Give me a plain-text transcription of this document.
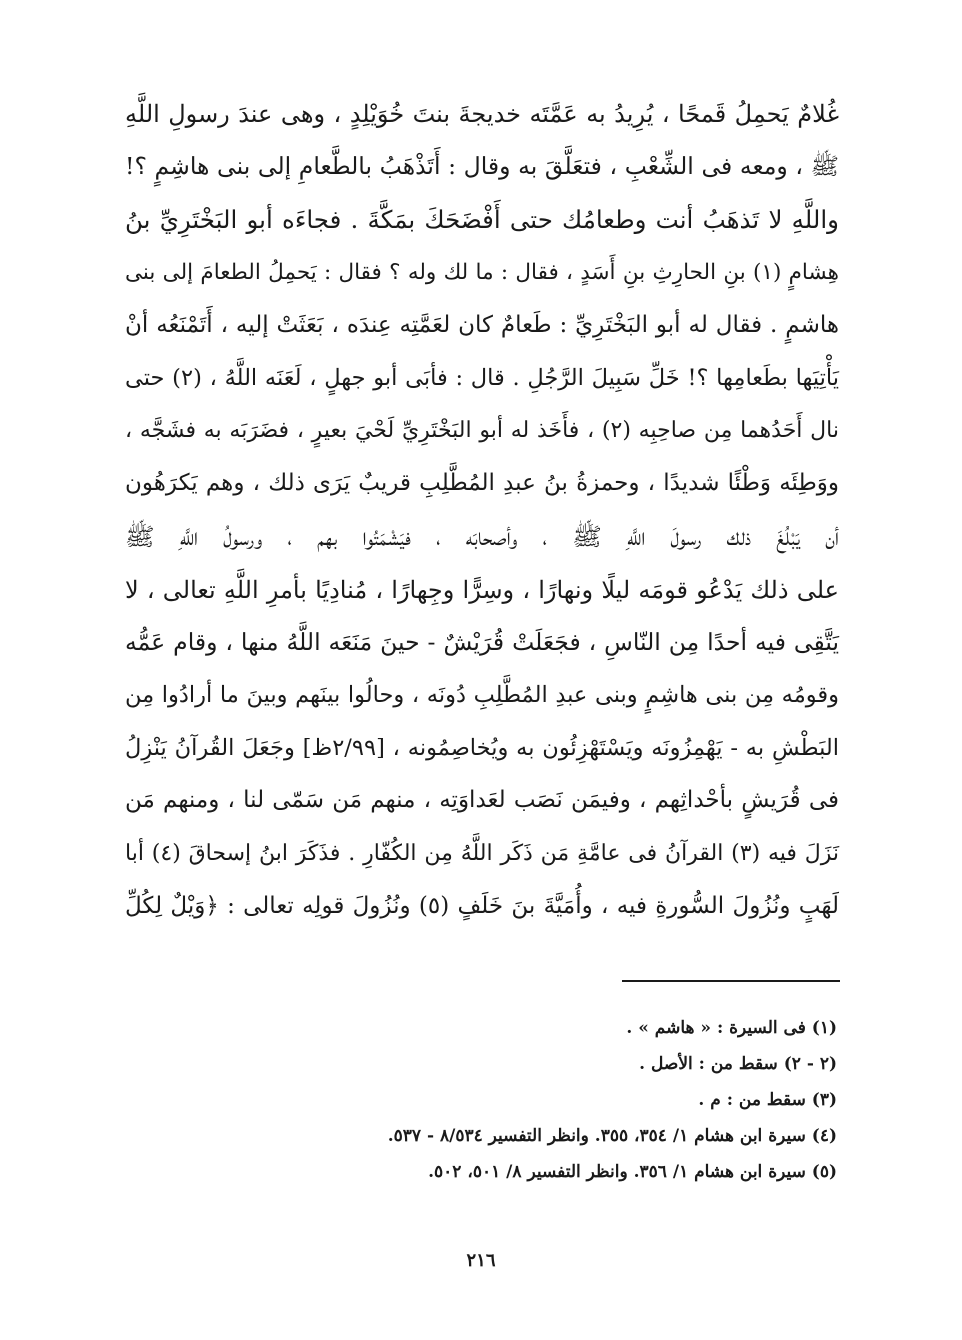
غُلامٌ يَحمِلُ قَمحًا ، يُرِيدُ به عَمَّتَه خديجةَ بنتَ خُوَيْلِدٍ ، وهى عندَ رسولِ اللَّهِ
ﷺ ، ومعه فى الشِّعْبِ ، فتعَلَّقَ به وقال : أَتَذْهَبُ بالطَّعامِ إلى بنى هاشِمٍ ؟!
واللَّهِ لا تَذهَبُ أنت وطعامُك حتى أَفْضَحَكَ بمَكَّةَ . فجاءَه أبو البَخْتَرِيِّ بنُ
هِشامٍ (١) بنِ الحارِثِ بنِ أَسَدٍ ، فقال : ما لك وله ؟ فقال : يَحمِلُ الطعامَ إلى بنى
هاشمٍ . فقال له أبو البَخْتَرِيِّ : طَعامٌ كان لعَمَّتِه عِندَه ، بَعَثَتْ إليه ، أَتَمْنَعُه أنْ
يَأْتِيَها بطَعامِها ؟! خَلِّ سَبِيلَ الرَّجُلِ . قال : فأبَى أبو جهلٍ ، لَعَنَه اللَّهُ ، (٢) حتى
نال أَحَدُهما مِن صاحِبِه (٢) ، فأَخَذ له أبو البَخْتَرِيِّ لَحْيَ بعيرٍ ، فضَرَبَه به فشَجَّه ،
ووَطِئَه وَطْئًا شديدًا ، وحمزةُ بنُ عبدِ المُطَّلِبِ قريبٌ يَرَى ذلك ، وهم يَكرَهُون
أن يَبْلُغَ ذلك رسولَ اللَّهِ ﷺ ، وأصحابَه ، فيَشْمَتُوا بهم ، ورسولُ اللَّهِ ﷺ
على ذلك يَدْعُو قومَه ليلًا ونهارًا ، وسِرًّا وجِهارًا ، مُنادِيًا بأمرِ اللَّهِ تعالى ، لا
يَتَّقِى فيه أحدًا مِن النّاسِ ، فجَعَلَتْ قُرَيْشٌ - حينَ مَنَعَه اللَّهُ منها ، وقام عَمُّه
وقومُه مِن بنى هاشِمٍ وبنى عبدِ المُطَّلِبِ دُونَه ، وحالُوا بينَهم وبينَ ما أرادُوا مِن
البَطْشِ به - يَهْمِزُونَه ويَسْتَهْزِئُون به ويُخاصِمُونه ، [٢/٩٩ظ] وجَعَلَ القُرآنُ يَنْزِلُ
فى قُرَيشٍ بأحْداثِهم ، وفيمَن نَصَب لعَداوَتِه ، منهم مَن سَمّى لنا ، ومنهم مَن
نَزَلَ فيه (٣) القرآنُ فى عامَّةِ مَن ذَكَر اللَّهُ مِن الكُفّارِ . فذَكَرَ ابنُ إسحاقَ (٤) أبا
لَهَبٍ ونُزُولَ السُّورةِ فيه ، وأُمَيَّةَ بنَ خَلَفٍ (٥) ونُزُولَ قولِه تعالى : ﴿وَيْلٌ لِكُلِّ
(١) فى السيرة : « هاشم » .
(٢ - ٢) سقط من : الأصل .
(٣) سقط من : م .
(٤) سيرة ابن هشام ١/ ٣٥٤، ٣٥٥. وانظر التفسير ٨/٥٣٤ - ٥٣٧.
(٥) سيرة ابن هشام ١/ ٣٥٦. وانظر التفسير ٨/ ٥٠١، ٥٠٢.
٢١٦
